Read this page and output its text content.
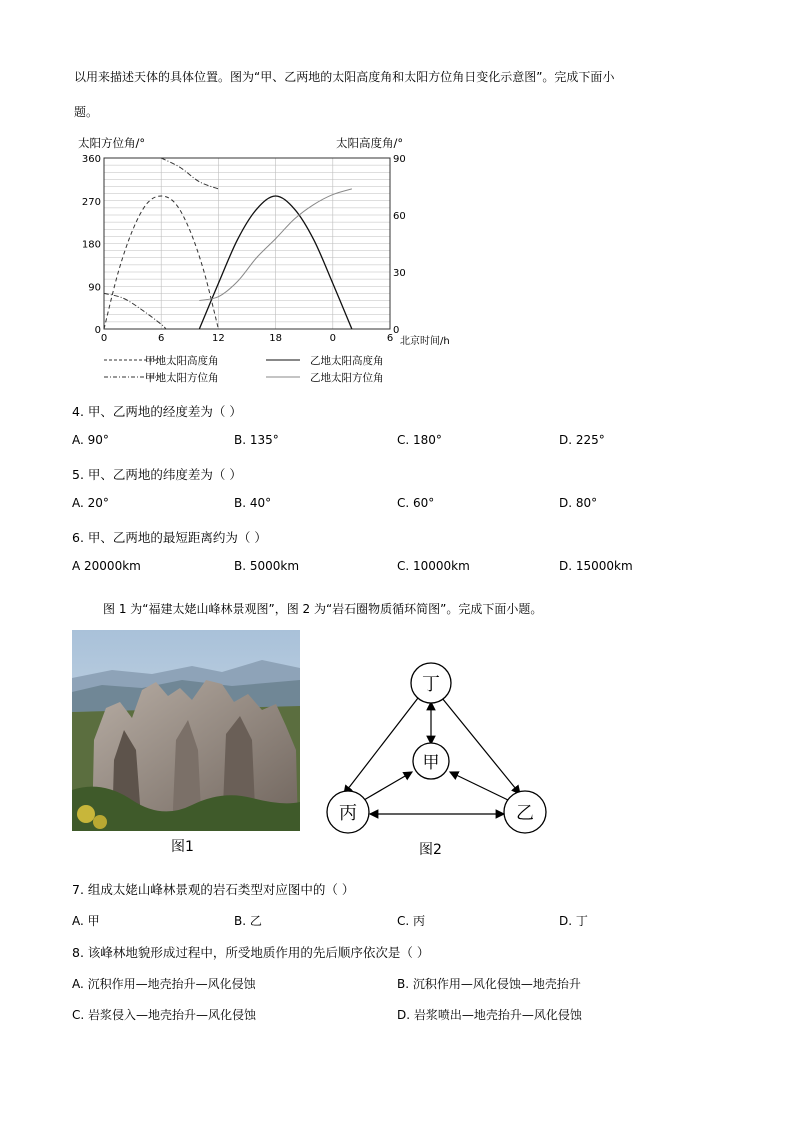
以用来描述天体的具体位置。图为“甲、乙两地的太阳高度角和太阳方位角日变化示意图”。完成下面小
题。
太阳方位角/°	太阳高度角/°
0
90
180
270
360
0
30
60
90
0	6	12	18	0	6 北京时间/h
甲地太阳高度角	乙地太阳高度角
甲地太阳方位角	乙地太阳方位角
4. 甲、乙两地的经度差为（ ）
A. 90°	B. 135°	C. 180°	D. 225°
5. 甲、乙两地的纬度差为（ ）
A. 20°	B. 40°	C. 60°	D. 80°
6. 甲、乙两地的最短距离约为（ ）
A 20000km	B. 5000km	C. 10000km	D. 15000km
图 1 为“福建太姥山峰林景观图”，图 2 为“岩石圈物质循环简图”。完成下面小题。
图1
丁
甲
丙	乙
图2
7. 组成太姥山峰林景观的岩石类型对应图中的（ ）
A. 甲	B. 乙	C. 丙	D. 丁
8. 该峰林地貌形成过程中，所受地质作用的先后顺序依次是（ ）
A. 沉积作用—地壳抬升—风化侵蚀	B. 沉积作用—风化侵蚀—地壳抬升
C. 岩浆侵入—地壳抬升—风化侵蚀	D. 岩浆喷出—地壳抬升—风化侵蚀
